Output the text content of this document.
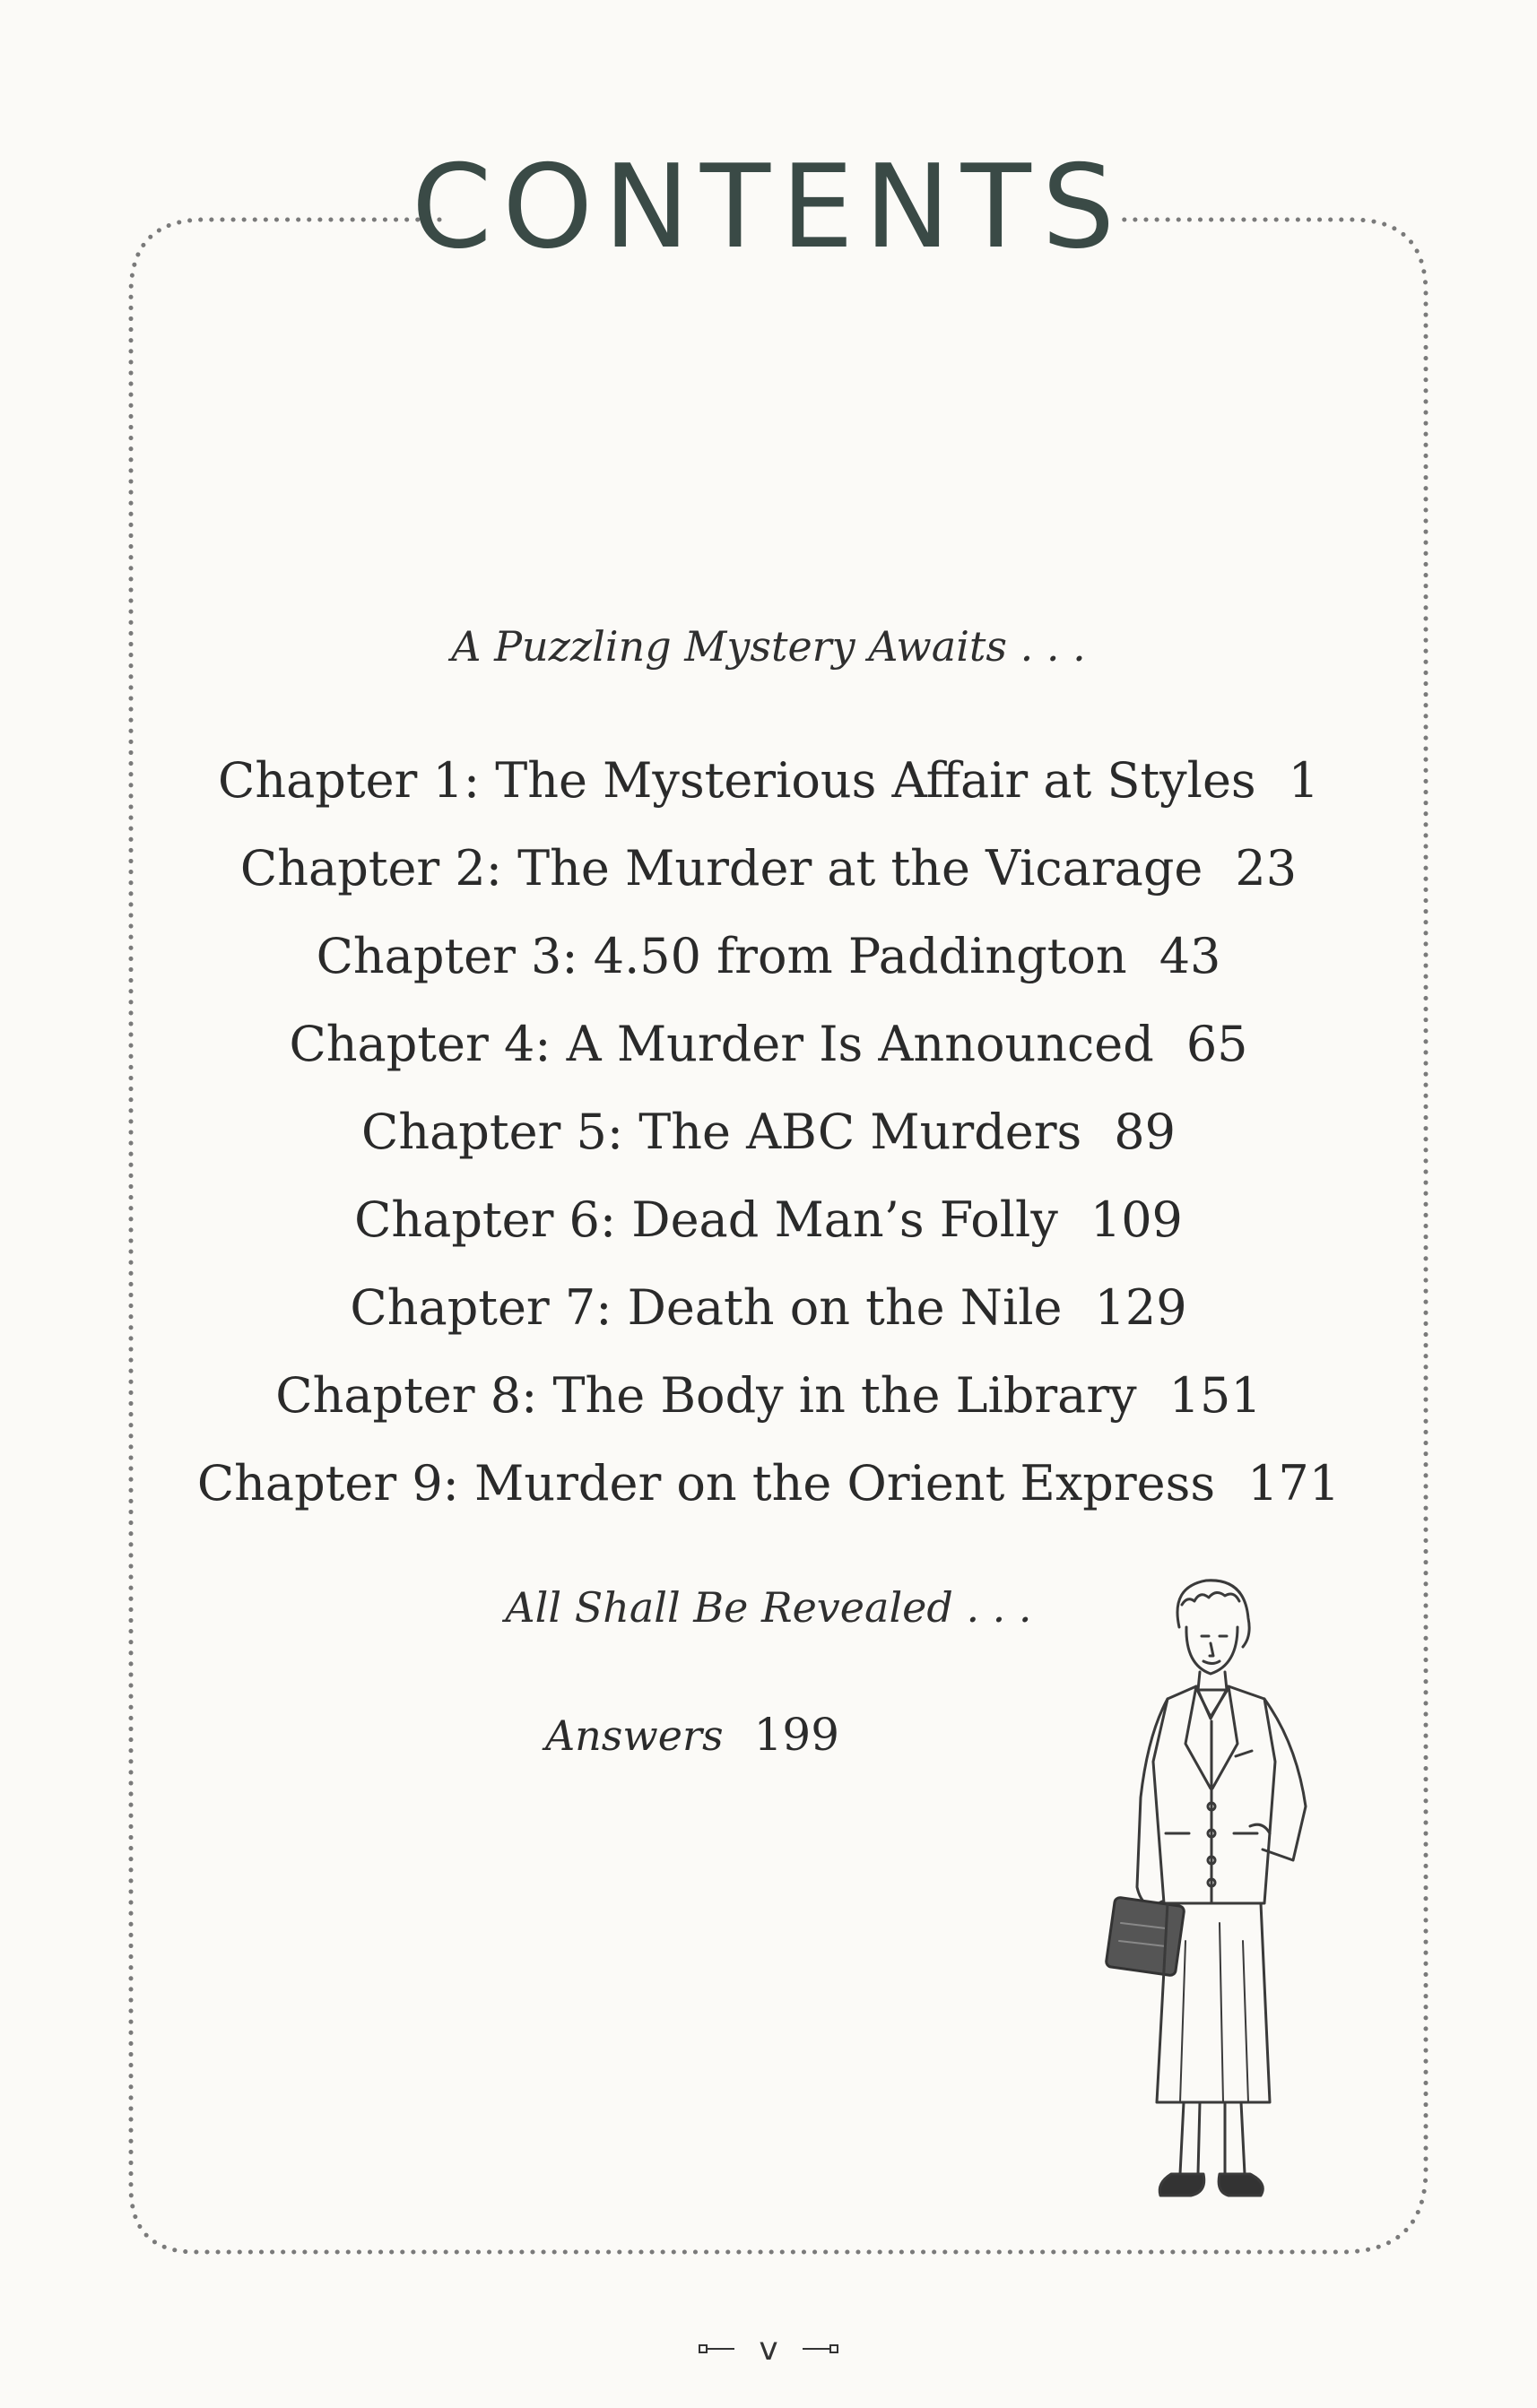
CONTENTS
A Puzzling Mystery Awaits . . .
Chapter 1: The Mysterious Affair at Styles 1
Chapter 2: The Murder at the Vicarage 23
Chapter 3: 4.50 from Paddington 43
Chapter 4: A Murder Is Announced 65
Chapter 5: The ABC Murders 89
Chapter 6: Dead Man’s Folly 109
Chapter 7: Death on the Nile 129
Chapter 8: The Body in the Library 151
Chapter 9: Murder on the Orient Express 171
All Shall Be Revealed . . .
Answers 199
v
